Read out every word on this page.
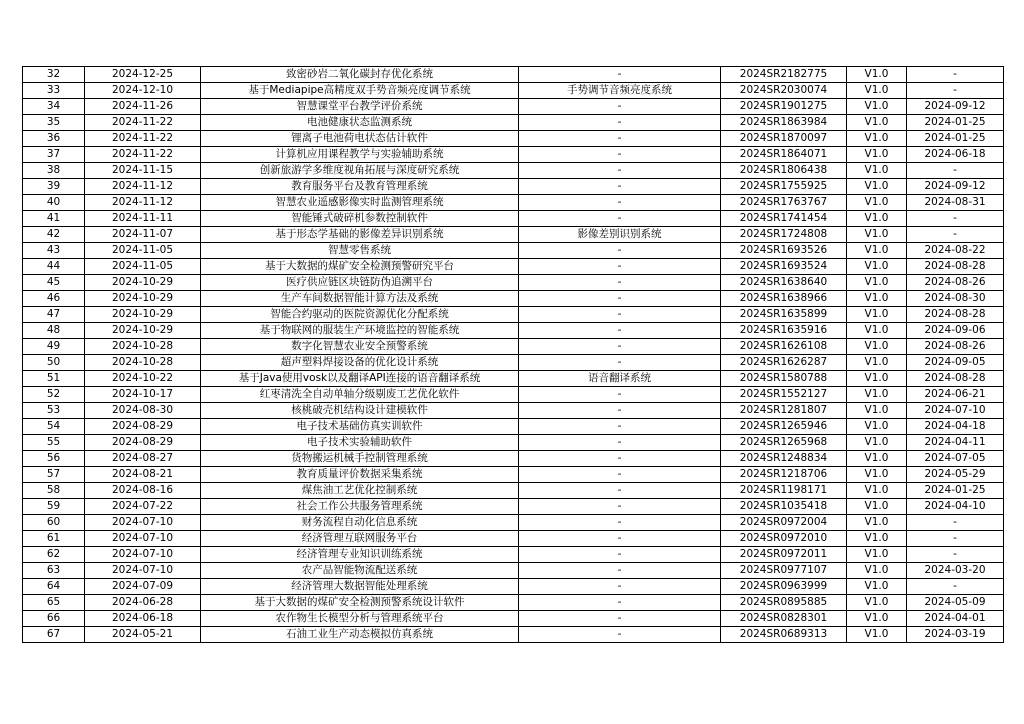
32	2024-12-25	致密砂岩二氧化碳封存优化系统	-	2024SR2182775	V1.0	-
33	2024-12-10	基于Mediapipe高精度双手势音频亮度调节系统	手势调节音频亮度系统	2024SR2030074	V1.0	-
34	2024-11-26	智慧课堂平台教学评价系统	-	2024SR1901275	V1.0	2024-09-12
35	2024-11-22	电池健康状态监测系统	-	2024SR1863984	V1.0	2024-01-25
36	2024-11-22	锂离子电池荷电状态估计软件	-	2024SR1870097	V1.0	2024-01-25
37	2024-11-22	计算机应用课程教学与实验辅助系统	-	2024SR1864071	V1.0	2024-06-18
38	2024-11-15	创新旅游学多维度视角拓展与深度研究系统	-	2024SR1806438	V1.0	-
39	2024-11-12	教育服务平台及教育管理系统	-	2024SR1755925	V1.0	2024-09-12
40	2024-11-12	智慧农业遥感影像实时监测管理系统	-	2024SR1763767	V1.0	2024-08-31
41	2024-11-11	智能锤式破碎机参数控制软件	-	2024SR1741454	V1.0	-
42	2024-11-07	基于形态学基础的影像差异识别系统	影像差别识别系统	2024SR1724808	V1.0	-
43	2024-11-05	智慧零售系统	-	2024SR1693526	V1.0	2024-08-22
44	2024-11-05	基于大数据的煤矿安全检测预警研究平台	-	2024SR1693524	V1.0	2024-08-28
45	2024-10-29	医疗供应链区块链防伪追溯平台	-	2024SR1638640	V1.0	2024-08-26
46	2024-10-29	生产车间数据智能计算方法及系统	-	2024SR1638966	V1.0	2024-08-30
47	2024-10-29	智能合约驱动的医院资源优化分配系统	-	2024SR1635899	V1.0	2024-08-28
48	2024-10-29	基于物联网的服装生产环境监控的智能系统	-	2024SR1635916	V1.0	2024-09-06
49	2024-10-28	数字化智慧农业安全预警系统	-	2024SR1626108	V1.0	2024-08-26
50	2024-10-28	超声塑料焊接设备的优化设计系统	-	2024SR1626287	V1.0	2024-09-05
51	2024-10-22	基于Java使用vosk以及翻译API连接的语音翻译系统	语音翻译系统	2024SR1580788	V1.0	2024-08-28
52	2024-10-17	红枣清洗全自动单轴分级剔废工艺优化软件	-	2024SR1552127	V1.0	2024-06-21
53	2024-08-30	核桃破壳机结构设计建模软件	-	2024SR1281807	V1.0	2024-07-10
54	2024-08-29	电子技术基础仿真实训软件	-	2024SR1265946	V1.0	2024-04-18
55	2024-08-29	电子技术实验辅助软件	-	2024SR1265968	V1.0	2024-04-11
56	2024-08-27	货物搬运机械手控制管理系统	-	2024SR1248834	V1.0	2024-07-05
57	2024-08-21	教育质量评价数据采集系统	-	2024SR1218706	V1.0	2024-05-29
58	2024-08-16	煤焦油工艺优化控制系统	-	2024SR1198171	V1.0	2024-01-25
59	2024-07-22	社会工作公共服务管理系统	-	2024SR1035418	V1.0	2024-04-10
60	2024-07-10	财务流程自动化信息系统	-	2024SR0972004	V1.0	-
61	2024-07-10	经济管理互联网服务平台	-	2024SR0972010	V1.0	-
62	2024-07-10	经济管理专业知识训练系统	-	2024SR0972011	V1.0	-
63	2024-07-10	农产品智能物流配送系统	-	2024SR0977107	V1.0	2024-03-20
64	2024-07-09	经济管理大数据智能处理系统	-	2024SR0963999	V1.0	-
65	2024-06-28	基于大数据的煤矿安全检测预警系统设计软件	-	2024SR0895885	V1.0	2024-05-09
66	2024-06-18	农作物生长模型分析与管理系统平台	-	2024SR0828301	V1.0	2024-04-01
67	2024-05-21	石油工业生产动态模拟仿真系统	-	2024SR0689313	V1.0	2024-03-19
